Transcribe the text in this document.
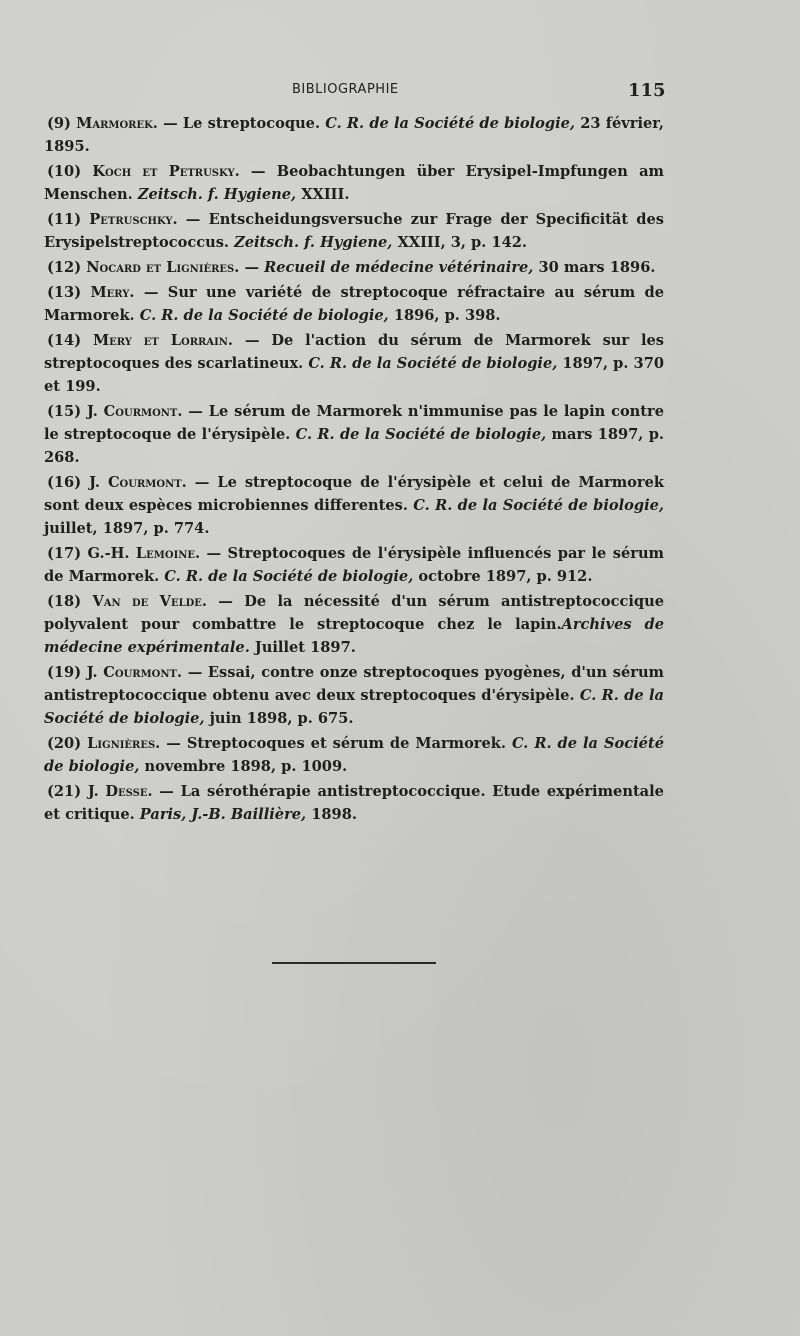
BIBLIOGRAPHIE	115
(9) Marmorek. — Le streptocoque. C. R. de la Société de biologie, 23 février, 1895.
(10) Koch et Petrusky. — Beobachtungen über Erysipel-Impfungen am Menschen. Zeitsch. f. Hygiene, XXIII.
(11) Petruschky. — Entscheidungsversuche zur Frage der Specificität des Erysipelstreptococcus. Zeitsch. f. Hygiene, XXIII, 3, p. 142.
(12) Nocard et Lignières. — Recueil de médecine vétérinaire, 30 mars 1896.
(13) Mery. — Sur une variété de streptocoque réfractaire au sérum de Marmorek. C. R. de la Société de biologie, 1896, p. 398.
(14) Mery et Lorrain. — De l'action du sérum de Marmorek sur les streptocoques des scarlatineux. C. R. de la Société de biologie, 1897, p. 370 et 199.
(15) J. Courmont. — Le sérum de Marmorek n'immunise pas le lapin contre le streptocoque de l'érysipèle. C. R. de la Société de biologie, mars 1897, p. 268.
(16) J. Courmont. — Le streptocoque de l'érysipèle et celui de Marmorek sont deux espèces microbiennes differentes. C. R. de la Société de biologie, juillet, 1897, p. 774.
(17) G.-H. Lemoine. — Streptocoques de l'érysipèle influencés par le sérum de Marmorek. C. R. de la Société de biologie, octobre 1897, p. 912.
(18) Van de Velde. — De la nécessité d'un sérum antistreptococcique polyvalent pour combattre le streptocoque chez le lapin.Archives de médecine expérimentale. Juillet 1897.
(19) J. Courmont. — Essai, contre onze streptocoques pyogènes, d'un sérum antistreptococcique obtenu avec deux streptocoques d'érysipèle. C. R. de la Société de biologie, juin 1898, p. 675.
(20) Lignières. — Streptocoques et sérum de Marmorek. C. R. de la Société de biologie, novembre 1898, p. 1009.
(21) J. Desse. — La sérothérapie antistreptococcique. Etude expérimentale et critique. Paris, J.-B. Baillière, 1898.
